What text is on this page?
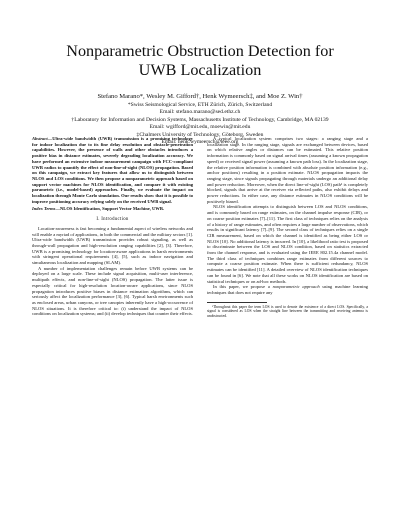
Nonparametric Obstruction Detection for
UWB Localization
Stefano Marano*, Wesley M. Gifford†, Henk Wymeersch‡, and Moe Z. Win†
*Swiss Seismological Service, ETH Zürich, Zürich, Switzerland
Email: stefano.marano@sed.ethz.ch
†Laboratory for Information and Decision Systems, Massachusetts Institute of Technology, Cambridge, MA 02139
Email: wgifford@mit.edu, moewin@mit.edu
‡Chalmers University of Technology, Göteborg, Sweden
Email: henk.wymeersch@ieee.org
Abstract—Ultra-wide bandwidth (UWB) transmission is a promising technology for indoor localization due to its fine delay resolution and obstacle-penetration capabilities. However, the presence of walls and other obstacles introduces a positive bias in distance estimates, severely degrading localization accuracy. We have performed an extensive indoor measurement campaign with FCC-compliant UWB radios to quantify the effect of non-line-of-sight (NLOS) propagation. Based on this campaign, we extract key features that allow us to distinguish between NLOS and LOS conditions. We then propose a nonparametric approach based on support vector machines for NLOS identification, and compare it with existing parametric (i.e., model-based) approaches. Finally, we evaluate the impact on localization through Monte Carlo simulation. Our results show that it is possible to improve positioning accuracy relying solely on the received UWB signal.
Index Terms—NLOS Identification, Support Vector Machine, UWB.
I. Introduction

Location-awareness is fast becoming a fundamental aspect of wireless networks and will enable a myriad of applications, in both the commercial and the military sectors [1]. Ultra-wide bandwidth (UWB) transmission provides robust signaling, as well as through-wall propagation and high-resolution ranging capabilities [2], [3]. Therefore, UWB is a promising technology for location-aware applications in harsh environments with stringent operational requirements [4], [5], such as indoor navigation and simultaneous localization and mapping (SLAM).

A number of implementation challenges remain before UWB systems can be deployed on a large scale. These include signal acquisition, multi-user interference, multipath effects, and non-line-of-sight (NLOS) propagation. The latter issue is especially critical for high-resolution location-aware applications, since NLOS propagation introduces positive biases in distance estimation algorithms, which can seriously affect the localization performance [3], [6]. Typical harsh environments such as enclosed areas, urban canyons, or tree canopies inherently have a high-occurrence of NLOS situations. It is therefore critical to: (i) understand the impact of NLOS conditions on localization systems; and (ii) develop techniques that counter their effects.

A typical localization system comprises two stages: a ranging stage and a localization stage. In the ranging stage, signals are exchanged between devices, based on which relative angles or distances can be estimated. This relative position information is commonly based on signal arrival times (assuming a known propagation speed) or received signal power (assuming a known path loss). In the localization stage, the relative position information is combined with absolute position information (e.g., anchor positions) resulting in a position estimate. NLOS propagation impacts the ranging stage, since signals propagating through materials undergo an additional delay and power reduction. Moreover, when the direct line-of-sight (LOS) path¹ is completely blocked, signals that arrive at the receiver via reflected paths, also exhibit delays and power reductions. In either case, any distance estimates in NLOS conditions will be positively biased.

NLOS identification attempts to distinguish between LOS and NLOS conditions, and is commonly based on range estimates, on the channel impulse response (CIR), or on coarse position estimates [7]–[11]. The first class of techniques relies on the analysis of a history of range estimates, and often requires a large number of observations, which results in significant latency [7]–[9]. The second class of techniques relies on a single CIR measurement, based on which the channel is identified as being either LOS or NLOS [10]. No additional latency is incurred. In [10], a likelihood ratio test is proposed to discriminate between the LOS and NLOS condition, based on statistics extracted from the channel response, and is evaluated using the IEEE 802.15.4a channel model. The third class of techniques combines range estimates from different sources to compute a coarse position estimate. When there is sufficient redundancy, NLOS estimates can be identified [11]. A detailed overview of NLOS identification techniques can be found in [6]. We note that all these works on NLOS identification are based on statistical techniques or on ad-hoc methods.

In this paper, we propose a nonparametric approach using machine learning techniques that does not require any

¹Throughout this paper the term LOS is used to denote the existence of a direct LOS. Specifically, a signal is considered as LOS when the straight line between the transmitting and receiving antenna is unobstructed.
